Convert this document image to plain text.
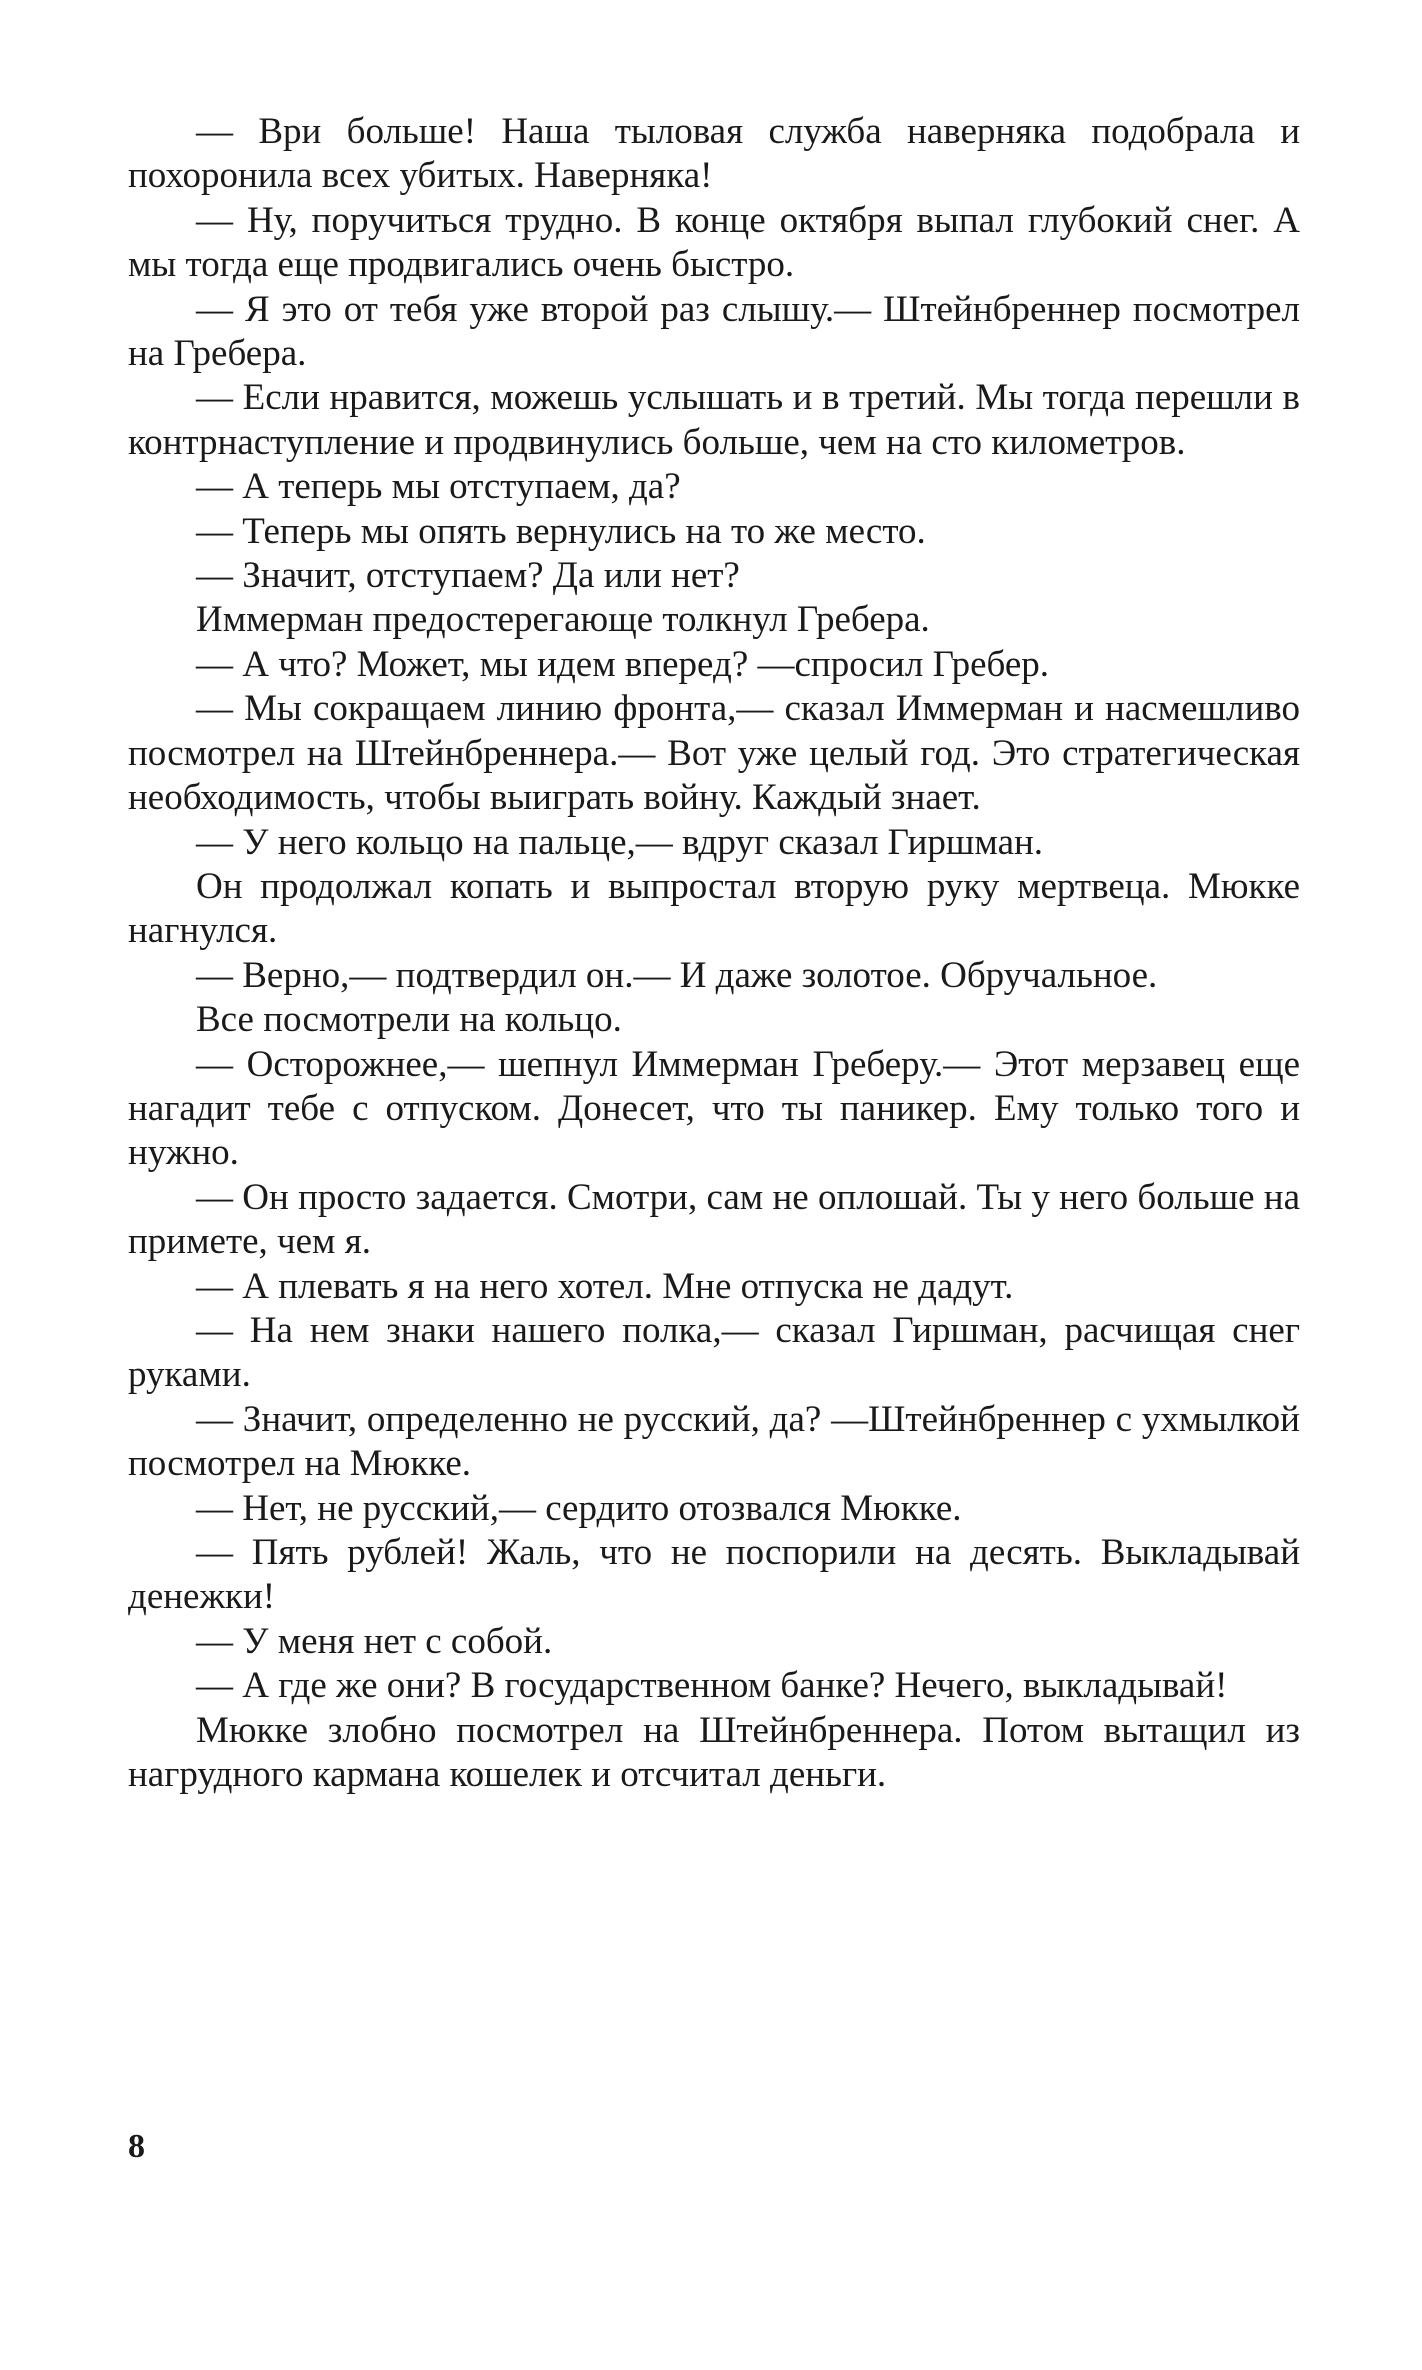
— Ври больше! Наша тыловая служба наверняка подобрала и похоронила всех убитых. Наверняка!

— Ну, поручиться трудно. В конце октября выпал глубокий снег. А мы тогда еще продвигались очень быстро.

— Я это от тебя уже второй раз слышу.— Штейнбреннер посмотрел на Гребера.

— Если нравится, можешь услышать и в третий. Мы тогда перешли в контрнаступление и продвинулись больше, чем на сто километров.

— А теперь мы отступаем, да?

— Теперь мы опять вернулись на то же место.

— Значит, отступаем? Да или нет?

Иммерман предостерегающе толкнул Гребера.

— А что? Может, мы идем вперед? —спросил Гребер.

— Мы сокращаем линию фронта,— сказал Иммерман и насмешливо посмотрел на Штейнбреннера.— Вот уже целый год. Это стратегическая необходимость, чтобы выиграть войну. Каждый знает.

— У него кольцо на пальце,— вдруг сказал Гиршман.

Он продолжал копать и выпростал вторую руку мертвеца. Мюкке нагнулся.

— Верно,— подтвердил он.— И даже золотое. Обручальное.

Все посмотрели на кольцо.

— Осторожнее,— шепнул Иммерман Греберу.— Этот мерзавец еще нагадит тебе с отпуском. Донесет, что ты паникер. Ему только того и нужно.

— Он просто задается. Смотри, сам не оплошай. Ты у него больше на примете, чем я.

— А плевать я на него хотел. Мне отпуска не дадут.

— На нем знаки нашего полка,— сказал Гиршман, расчищая снег руками.

— Значит, определенно не русский, да? —Штейнбреннер с ухмылкой посмотрел на Мюкке.

— Нет, не русский,— сердито отозвался Мюкке.

— Пять рублей! Жаль, что не поспорили на десять. Выкладывай денежки!

— У меня нет с собой.

— А где же они? В государственном банке? Нечего, выкладывай!

Мюкке злобно посмотрел на Штейнбреннера. Потом вытащил из нагрудного кармана кошелек и отсчитал деньги.

8
